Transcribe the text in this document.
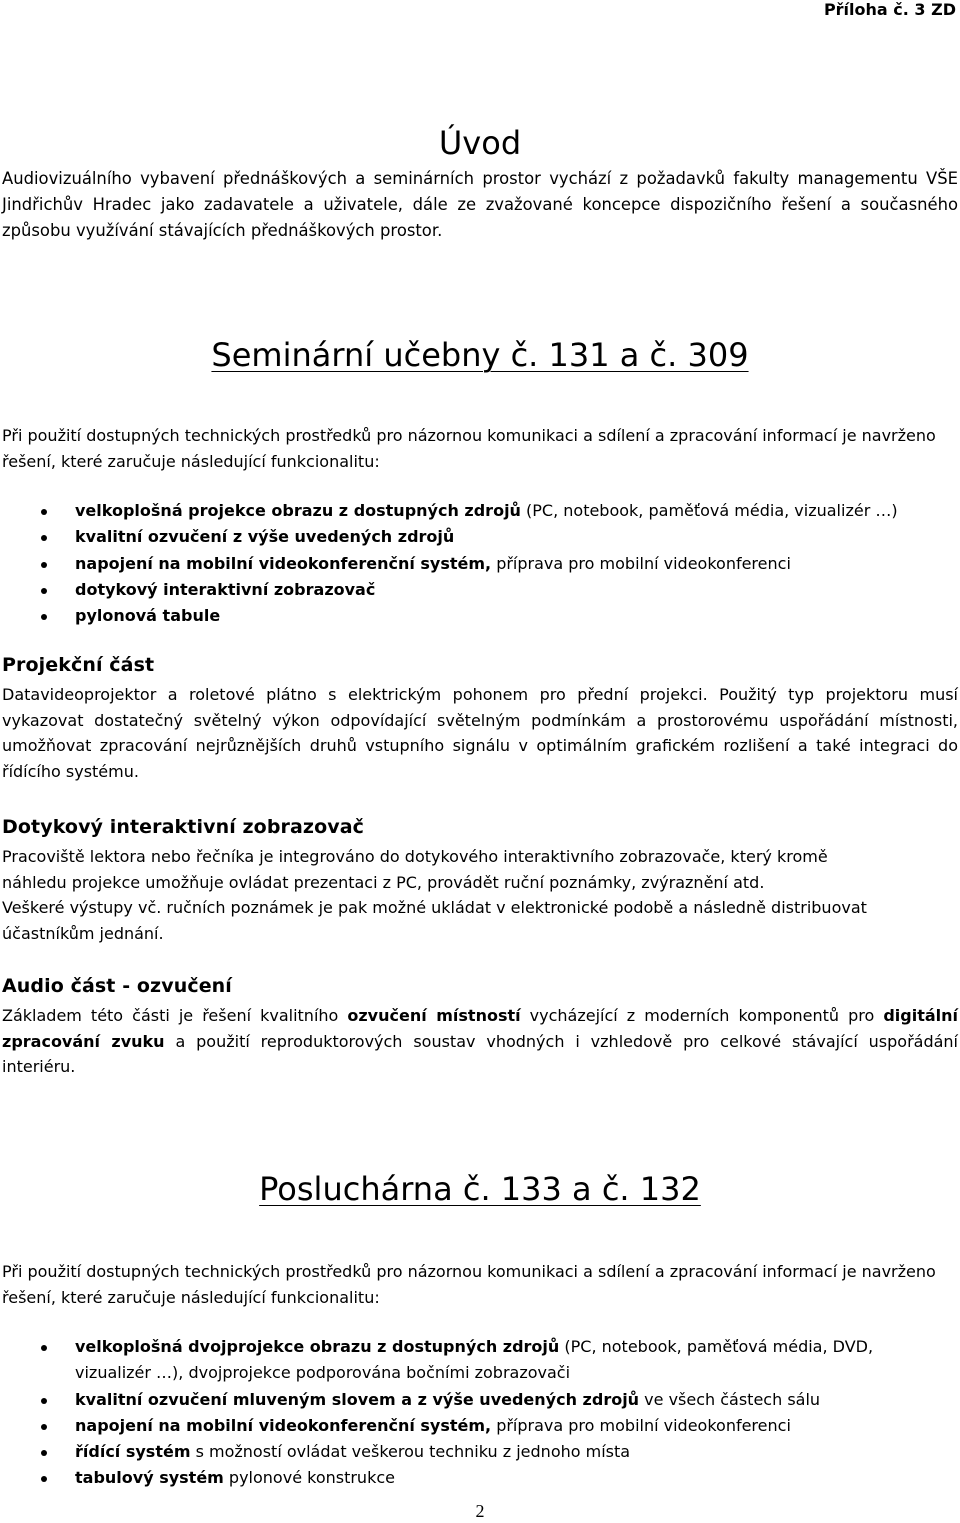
Příloha č. 3 ZD
Úvod
Audiovizuálního vybavení přednáškových a seminárních prostor vychází z požadavků fakulty managementu VŠE Jindřichův Hradec jako zadavatele a uživatele, dále ze zvažované koncepce dispozičního řešení a současného způsobu využívání stávajících přednáškových prostor.
Seminární učebny č. 131 a č. 309
Při použití dostupných technických prostředků pro názornou komunikaci a sdílení a zpracování informací je navrženo řešení, které zaručuje následující funkcionalitu:
velkoplošná projekce obrazu z dostupných zdrojů (PC, notebook, paměťová média, vizualizér …)
kvalitní ozvučení z výše uvedených zdrojů
napojení na mobilní videokonferenční systém, příprava pro mobilní videokonferenci
dotykový interaktivní zobrazovač
pylonová tabule
Projekční část
Datavideoprojektor a roletové plátno s elektrickým pohonem pro přední projekci. Použitý typ projektoru musí vykazovat dostatečný světelný výkon odpovídající světelným podmínkám a prostorovému uspořádání místnosti, umožňovat zpracování nejrůznějších druhů vstupního signálu v optimálním grafickém rozlišení a také integraci do řídícího systému.
Dotykový interaktivní zobrazovač
Pracoviště lektora nebo řečníka je integrováno do dotykového interaktivního zobrazovače, který kromě
náhledu projekce umožňuje ovládat prezentaci z PC, provádět ruční poznámky, zvýraznění atd.
Veškeré výstupy vč. ručních poznámek je pak možné ukládat v elektronické podobě a následně distribuovat
účastníkům jednání.
Audio část - ozvučení
Základem této části je řešení kvalitního ozvučení místností vycházející z moderních komponentů pro digitální zpracování zvuku a použití reproduktorových soustav vhodných i vzhledově pro celkové stávající uspořádání interiéru.
Posluchárna č. 133 a č. 132
Při použití dostupných technických prostředků pro názornou komunikaci a sdílení a zpracování informací je navrženo řešení, které zaručuje následující funkcionalitu:
velkoplošná dvojprojekce obrazu z dostupných zdrojů (PC, notebook, paměťová média, DVD, vizualizér …), dvojprojekce podporována bočními zobrazovači
kvalitní ozvučení mluveným slovem a z výše uvedených zdrojů ve všech částech sálu
napojení na mobilní videokonferenční systém, příprava pro mobilní videokonferenci
řídící systém s možností ovládat veškerou techniku z jednoho místa
tabulový systém pylonové konstrukce
2
